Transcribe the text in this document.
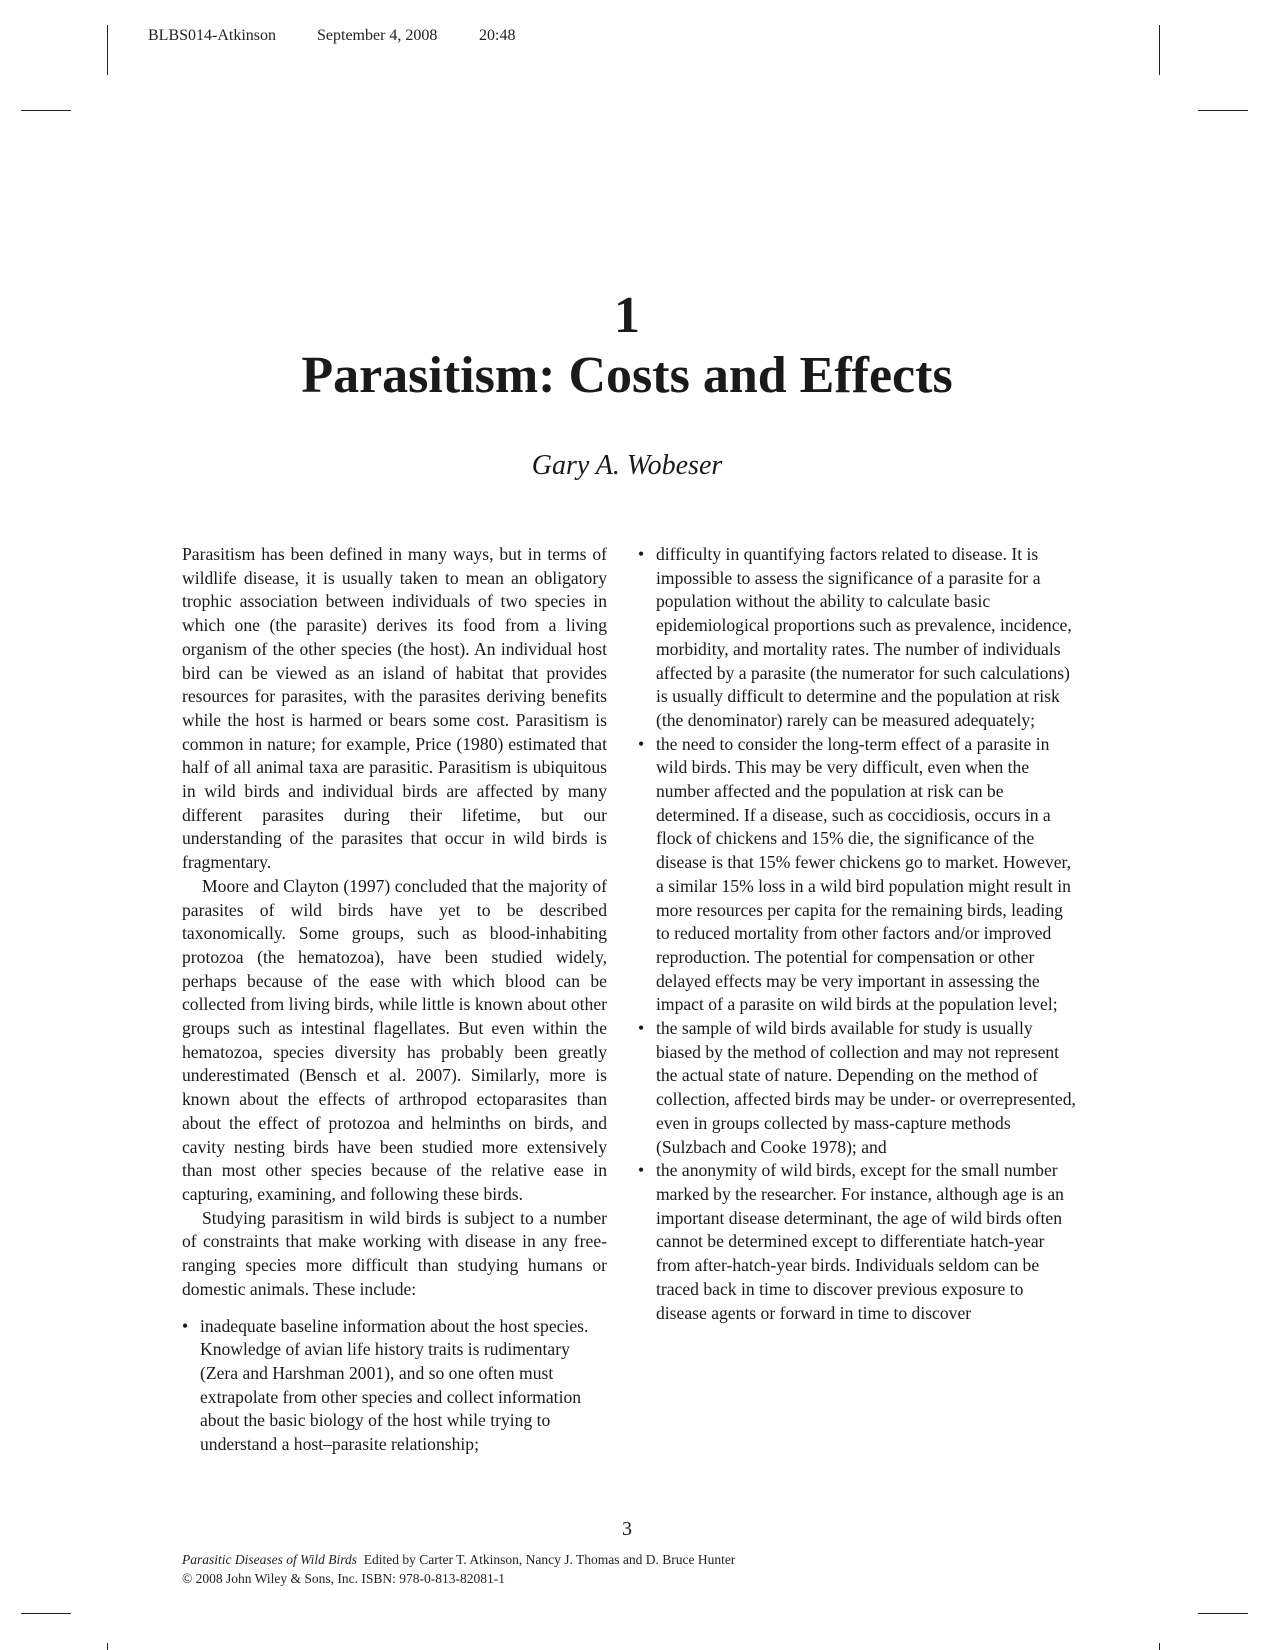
BLBS014-Atkinson	September 4, 2008	20:48
1
Parasitism: Costs and Effects
Gary A. Wobeser

Parasitism has been defined in many ways, but in terms of wildlife disease, it is usually taken to mean an obligatory trophic association between individuals of two species in which one (the parasite) derives its food from a living organism of the other species (the host). An individual host bird can be viewed as an island of habitat that provides resources for parasites, with the parasites deriving benefits while the host is harmed or bears some cost. Parasitism is common in nature; for example, Price (1980) estimated that half of all animal taxa are parasitic. Parasitism is ubiquitous in wild birds and individual birds are affected by many different parasites during their lifetime, but our understanding of the parasites that occur in wild birds is fragmentary.

Moore and Clayton (1997) concluded that the majority of parasites of wild birds have yet to be described taxonomically. Some groups, such as blood-inhabiting protozoa (the hematozoa), have been studied widely, perhaps because of the ease with which blood can be collected from living birds, while little is known about other groups such as intestinal flagellates. But even within the hematozoa, species diversity has probably been greatly underestimated (Bensch et al. 2007). Similarly, more is known about the effects of arthropod ectoparasites than about the effect of protozoa and helminths on birds, and cavity nesting birds have been studied more extensively than most other species because of the relative ease in capturing, examining, and following these birds.

Studying parasitism in wild birds is subject to a number of constraints that make working with disease in any free-ranging species more difficult than studying humans or domestic animals. These include:

• inadequate baseline information about the host species. Knowledge of avian life history traits is rudimentary (Zera and Harshman 2001), and so one often must extrapolate from other species and collect information about the basic biology of the host while trying to understand a host–parasite relationship;
• difficulty in quantifying factors related to disease. It is impossible to assess the significance of a parasite for a population without the ability to calculate basic epidemiological proportions such as prevalence, incidence, morbidity, and mortality rates. The number of individuals affected by a parasite (the numerator for such calculations) is usually difficult to determine and the population at risk (the denominator) rarely can be measured adequately;
• the need to consider the long-term effect of a parasite in wild birds. This may be very difficult, even when the number affected and the population at risk can be determined. If a disease, such as coccidiosis, occurs in a flock of chickens and 15% die, the significance of the disease is that 15% fewer chickens go to market. However, a similar 15% loss in a wild bird population might result in more resources per capita for the remaining birds, leading to reduced mortality from other factors and/or improved reproduction. The potential for compensation or other delayed effects may be very important in assessing the impact of a parasite on wild birds at the population level;
• the sample of wild birds available for study is usually biased by the method of collection and may not represent the actual state of nature. Depending on the method of collection, affected birds may be under- or overrepresented, even in groups collected by mass-capture methods (Sulzbach and Cooke 1978); and
• the anonymity of wild birds, except for the small number marked by the researcher. For instance, although age is an important disease determinant, the age of wild birds often cannot be determined except to differentiate hatch-year from after-hatch-year birds. Individuals seldom can be traced back in time to discover previous exposure to disease agents or forward in time to discover
3
Parasitic Diseases of Wild Birds Edited by Carter T. Atkinson, Nancy J. Thomas and D. Bruce Hunter
© 2008 John Wiley & Sons, Inc. ISBN: 978-0-813-82081-1
